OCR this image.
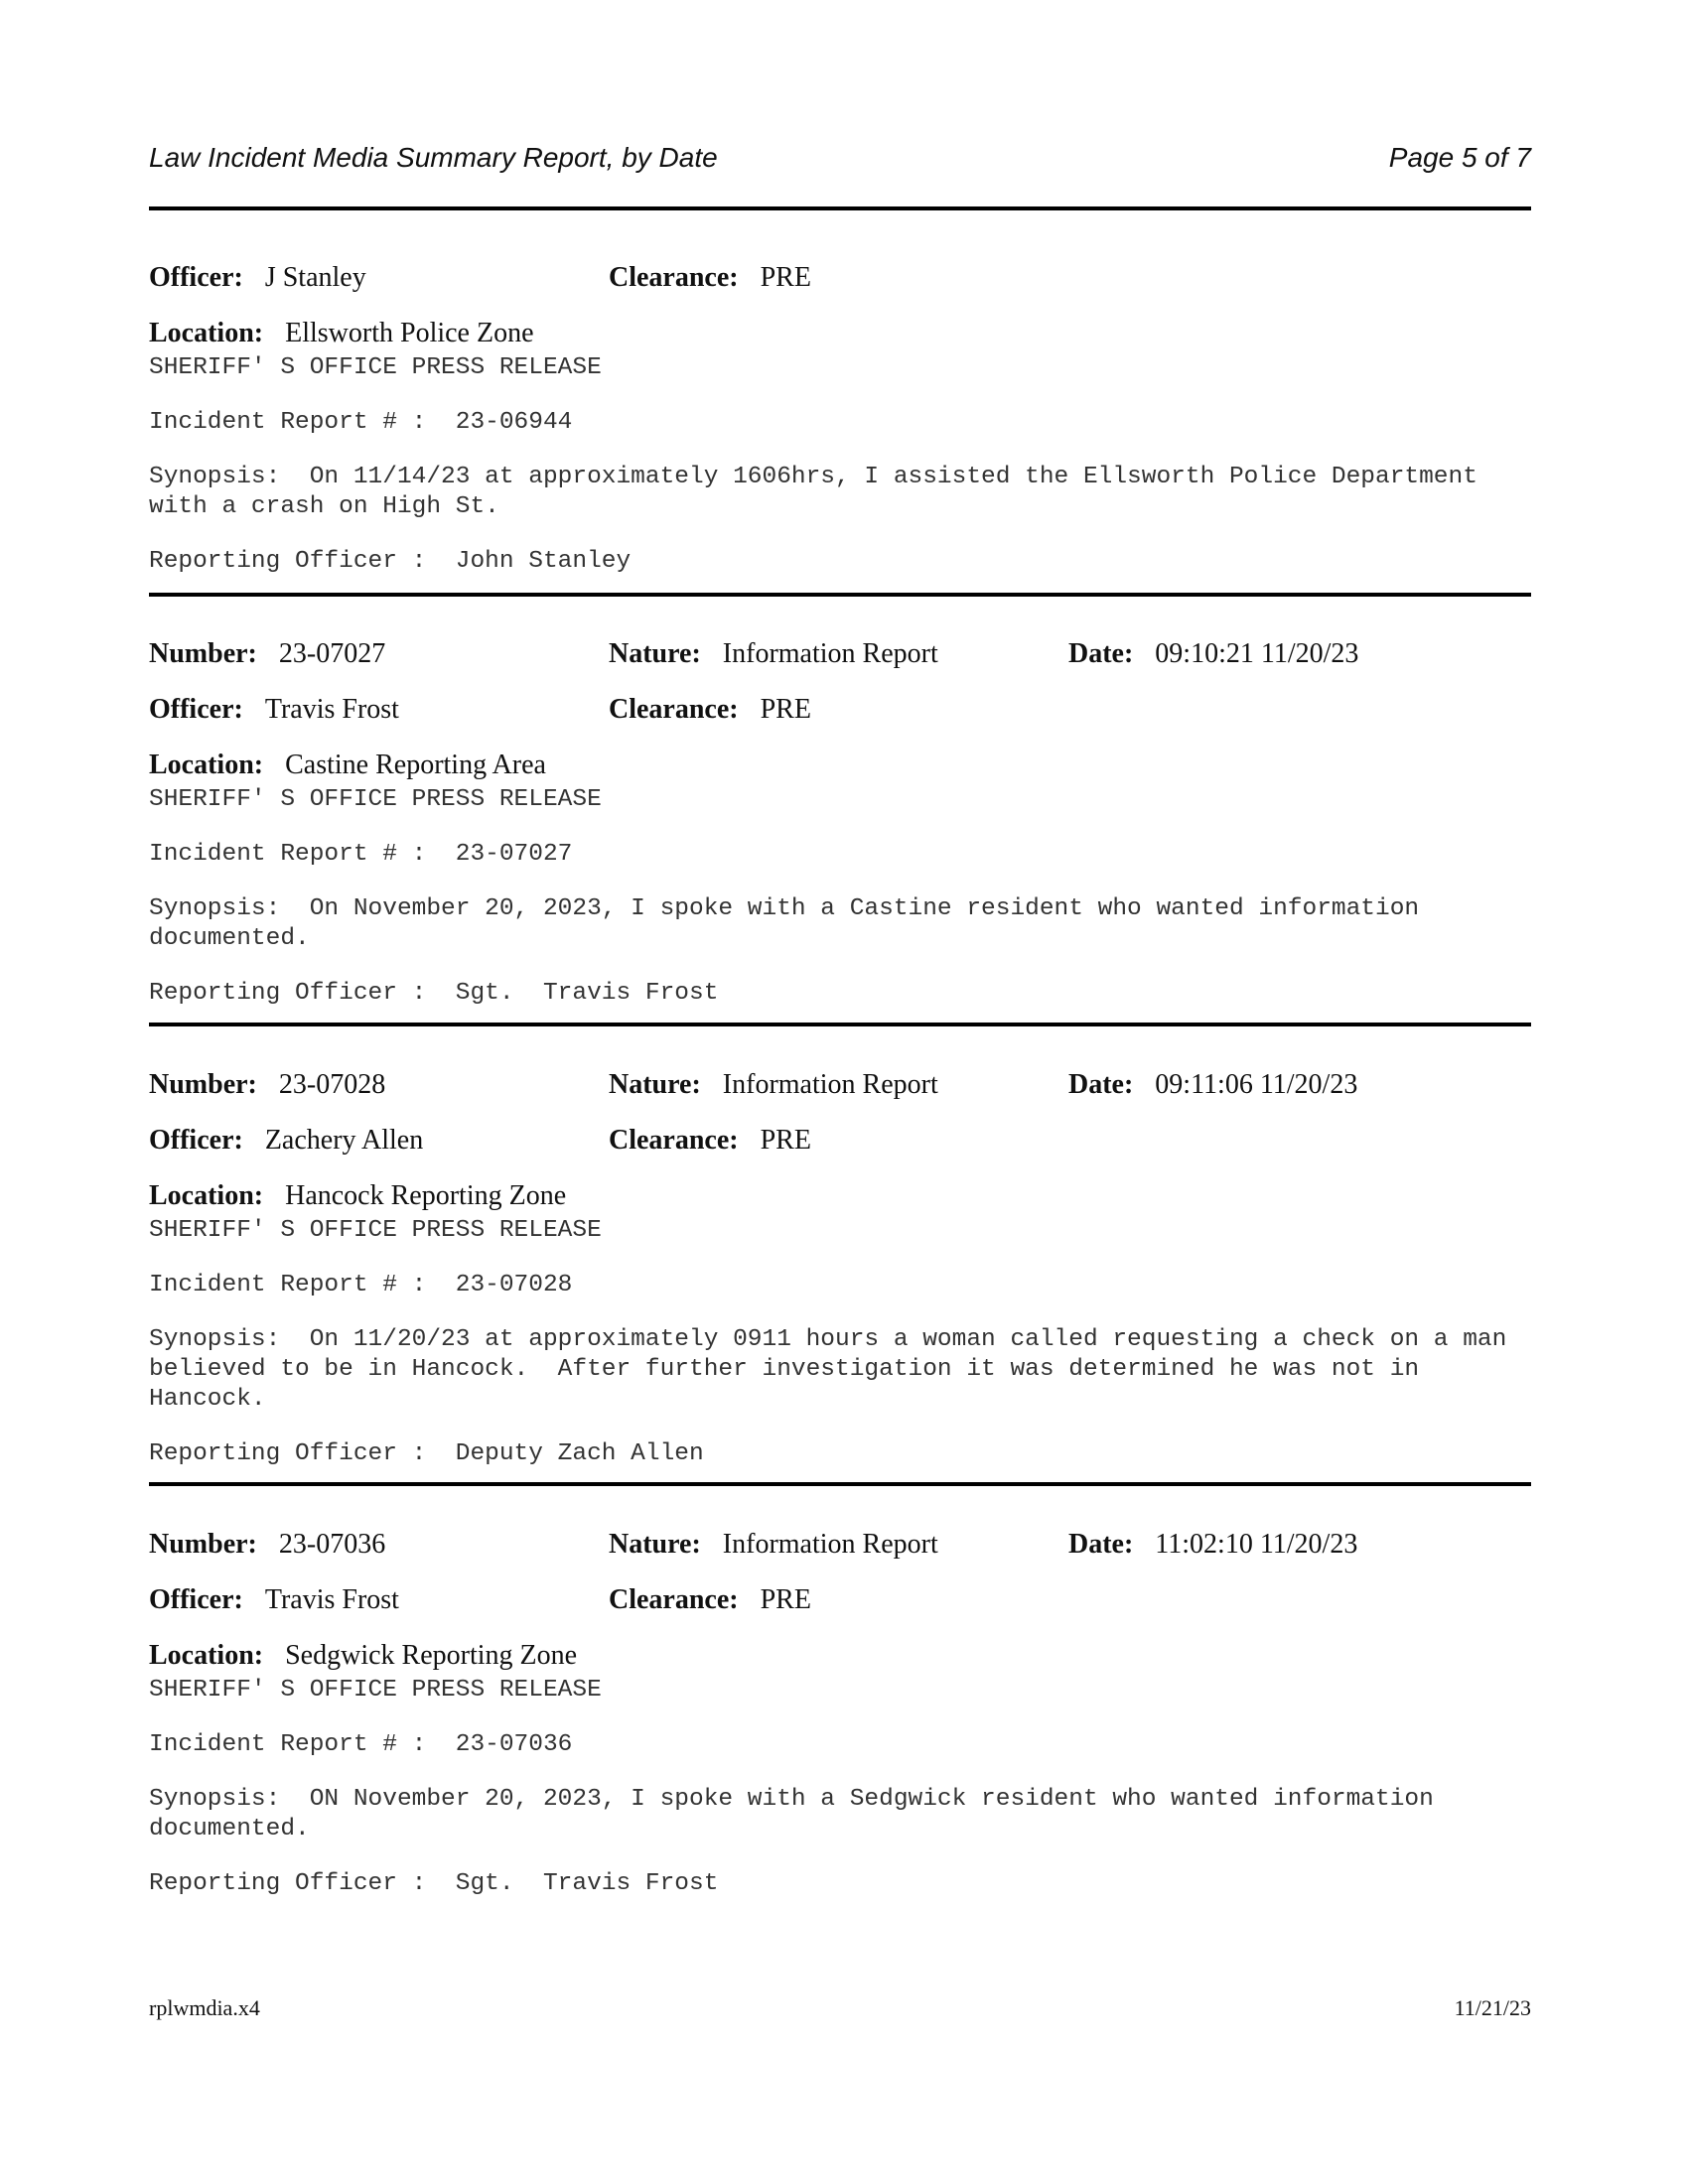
Law Incident Media Summary Report, by Date	Page 5 of 7
Officer: J Stanley	Clearance: PRE
Location: Ellsworth Police Zone
SHERIFF' S OFFICE PRESS RELEASE
Incident Report # :  23-06944
Synopsis:  On 11/14/23 at approximately 1606hrs, I assisted the Ellsworth Police Department
with a crash on High St.
Reporting Officer :  John Stanley
Number: 23-07027	Nature: Information Report	Date: 09:10:21 11/20/23
Officer: Travis Frost	Clearance: PRE
Location: Castine Reporting Area
SHERIFF' S OFFICE PRESS RELEASE
Incident Report # :  23-07027
Synopsis:  On November 20, 2023, I spoke with a Castine resident who wanted information
documented.
Reporting Officer :  Sgt.  Travis Frost
Number: 23-07028	Nature: Information Report	Date: 09:11:06 11/20/23
Officer: Zachery Allen	Clearance: PRE
Location: Hancock Reporting Zone
SHERIFF' S OFFICE PRESS RELEASE
Incident Report # :  23-07028
Synopsis:  On 11/20/23 at approximately 0911 hours a woman called requesting a check on a man
believed to be in Hancock.  After further investigation it was determined he was not in
Hancock.
Reporting Officer :  Deputy Zach Allen
Number: 23-07036	Nature: Information Report	Date: 11:02:10 11/20/23
Officer: Travis Frost	Clearance: PRE
Location: Sedgwick Reporting Zone
SHERIFF' S OFFICE PRESS RELEASE
Incident Report # :  23-07036
Synopsis:  ON November 20, 2023, I spoke with a Sedgwick resident who wanted information
documented.
Reporting Officer :  Sgt.  Travis Frost
rplwmdia.x4	11/21/23
